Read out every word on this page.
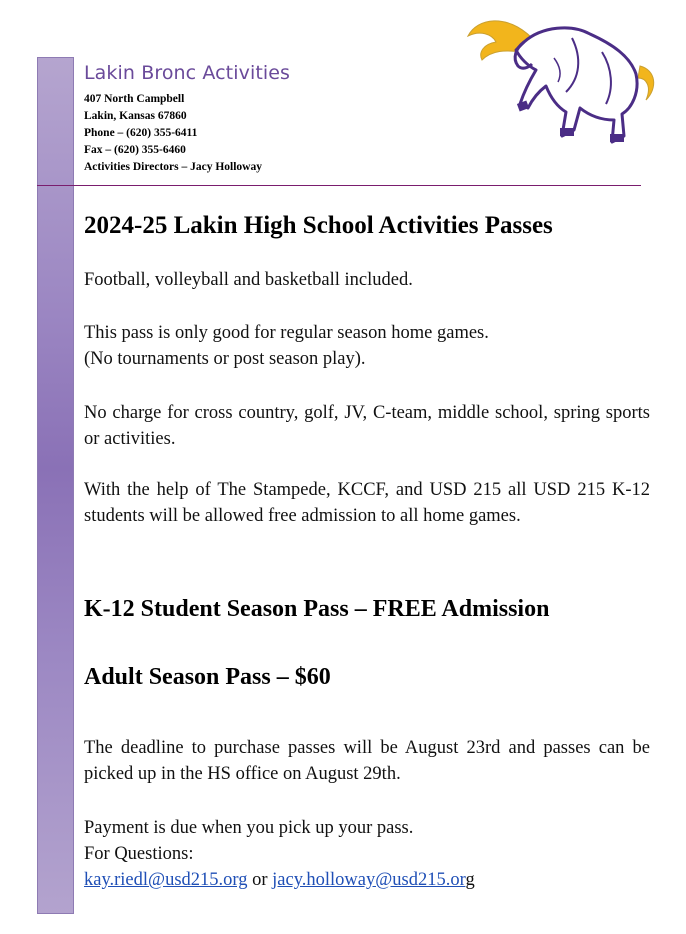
Lakin Bronc Activities
407 North Campbell
Lakin, Kansas 67860
Phone – (620) 355-6411
Fax – (620) 355-6460
Activities Directors – Jacy Holloway
2024-25 Lakin High School Activities Passes
Football, volleyball and basketball included.
This pass is only good for regular season home games.
(No tournaments or post season play).
No charge for cross country, golf, JV, C-team, middle school, spring sports or activities.
With the help of The Stampede, KCCF, and USD 215 all USD 215 K-12 students will be allowed free admission to all home games.
K-12 Student Season Pass – FREE Admission
Adult Season Pass – $60
The deadline to purchase passes will be August 23rd and passes can be picked up in the HS office on August 29th.
Payment is due when you pick up your pass.
For Questions:
kay.riedl@usd215.org or jacy.holloway@usd215.org
